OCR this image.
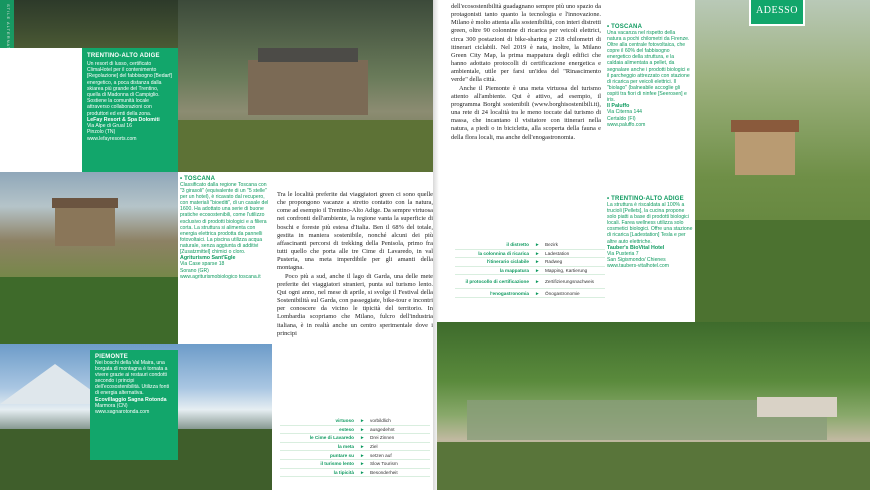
STILE ALTERNATIVO	TRENTINO-ALTO ADIGE
Un resort di lusso, certificato ClimaHotel per il contenimento [Regolazione] del fabbisogno [Bedarf] energetico, a poca distanza dalla skiarea più grande del Trentino, quella di Madonna di Campiglio. Sostiene la comunità locale attraverso collaborazioni con produttori ed enti della zona.
LeFay Resort & Spa Dolomiti
Via Alpe di Grual 16
Pinzolo (TN)
www.lefayresorts.com
• TOSCANA
Classificato dalla regione Toscana con "3 girasoli" (equivalente di un "5 stelle" per un hotel), è ricavato dal recupero, con materiali "bioediti", di un casale del 1600. Ha adottato una serie di buone pratiche ecosostenibili, come l'utilizzo esclusivo di prodotti biologici e a filiera corta. La struttura si alimenta con energia elettrica prodotta da pannelli fotovoltaici. La piscina utilizza acqua naturale, senza aggiunta di additivi [Zusatzmittel] chimici o cloro.
Agriturismo Sant'Egle
Via Case sparse 18
Sorano (GR)
www.agriturismobiologico toscana.it
PIEMONTE
Nei boschi della Val Maira, una borgata di montagna è tornata a vivere grazie ai restauri condotti secondo i principi dell'ecosostenibilità. Utilizza fonti di energia alternativa.
Ecovillaggio Sagna Rotonda
Marmora (CN)
www.sagnarotonda.com

Tra le località preferite dai viaggiatori green ci sono quelle che propongono vacanze a stretto contatto con la natura, come ad esempio il Trentino-Alto Adige. Da sempre virtuosa nei confronti dell'ambiente, la regione vanta la superficie di boschi e foreste più estesa d'Italia. Ben il 68% del totale, gestita in maniera sostenibile, nonché alcuni dei più affascinanti percorsi di trekking della Penisola, primo fra tutti quello che porta alle tre Cime di Lavaredo, in val Pusteria, una meta imperdibile per gli amanti della montagna.

Poco più a sud, anche il lago di Garda, una delle mete preferite dei viaggiatori stranieri, punta sul turismo lento. Qui ogni anno, nel mese di aprile, si svolge il Festival della Sostenibilità sul Garda, con passeggiate, bike-tour e incontri per conoscere da vicino le tipicità del territorio. In Lombardia scopriamo che Milano, fulcro dell'industria italiana, è in realtà anche un centro sperimentale dove i principi

virtuoso	►	vorbildlich
esteso	►	ausgedehnt
le Cime di Lavaredo	►	Drei Zinnen
la meta	►	Ziel
puntare su	►	setzen auf
il turismo lento	►	Slow Tourism
la tipicità	►	Besonderheit

dell'ecosostenibilità guadagnano sempre più uno spazio da protagonisti tanto quanto la tecnologia e l'innovazione. Milano è molto attenta alla sostenibilità, con interi distretti green, oltre 90 colonnine di ricarica per veicoli elettrici, circa 300 postazioni di bike-sharing e 218 chilometri di itinerari ciclabili. Nel 2019 è nata, inoltre, la Milano Green City Map, la prima mappatura degli edifici che hanno adottato protocolli di certificazione energetica e ambientale, utile per farsi un'idea del "Rinascimento verde" della città.

Anche il Piemonte è una meta virtuosa del turismo attento all'ambiente. Qui è attivo, ad esempio, il programma Borghi sostenibili (www.borghisostenibili.it), una rete di 24 località tra le meno toccate dal turismo di massa, che incantano il visitatore con itinerari nella natura, a piedi o in bicicletta, alla scoperta della fauna e della flora locali, ma anche dell'enogastronomia.

il distretto	►	Bezirk
la colonnina di ricarica	►	Ladestation
l'itinerario ciclabile	►	Radweg
la mappatura	►	Mapping, Kartierung
il protocollo di certificazione	►	Zertifizierungsnachweis
l'enogastronomia	►	Önogastronomie
• TOSCANA
Una vacanza nel rispetto della natura a pochi chilometri da Firenze. Oltre alla centrale fotovoltaica, che copre il 60% del fabbisogno energetico della struttura, e la caldaia alimentata a pellet, da segnalare anche i prodotti biologici e il parcheggio attrezzato con stazione di ricarica per veicoli elettrici. Il "biolago" (balneabile accoglie gli ospiti tra fiori di ninfee [Seerosen] e iris.
Il Paluffo
Via Citerna 144
Certaldo (FI)
www.paluffo.com
• TRENTINO-ALTO ADIGE
La struttura è riscaldata al 100% a trucioli [Pellets], la cucina propone solo piatti a base di prodotti biologici locali. Farea wellness utilizza solo cosmetici biologici. Offre una stazione di ricarica [Ladestation] Tesla e per altre auto elettriche.
Tauber's BioVital Hotel
Via Pusteria 7
San Sigismondo/ Chienes
www.taubers-vitalhotel.com
ADESSO
